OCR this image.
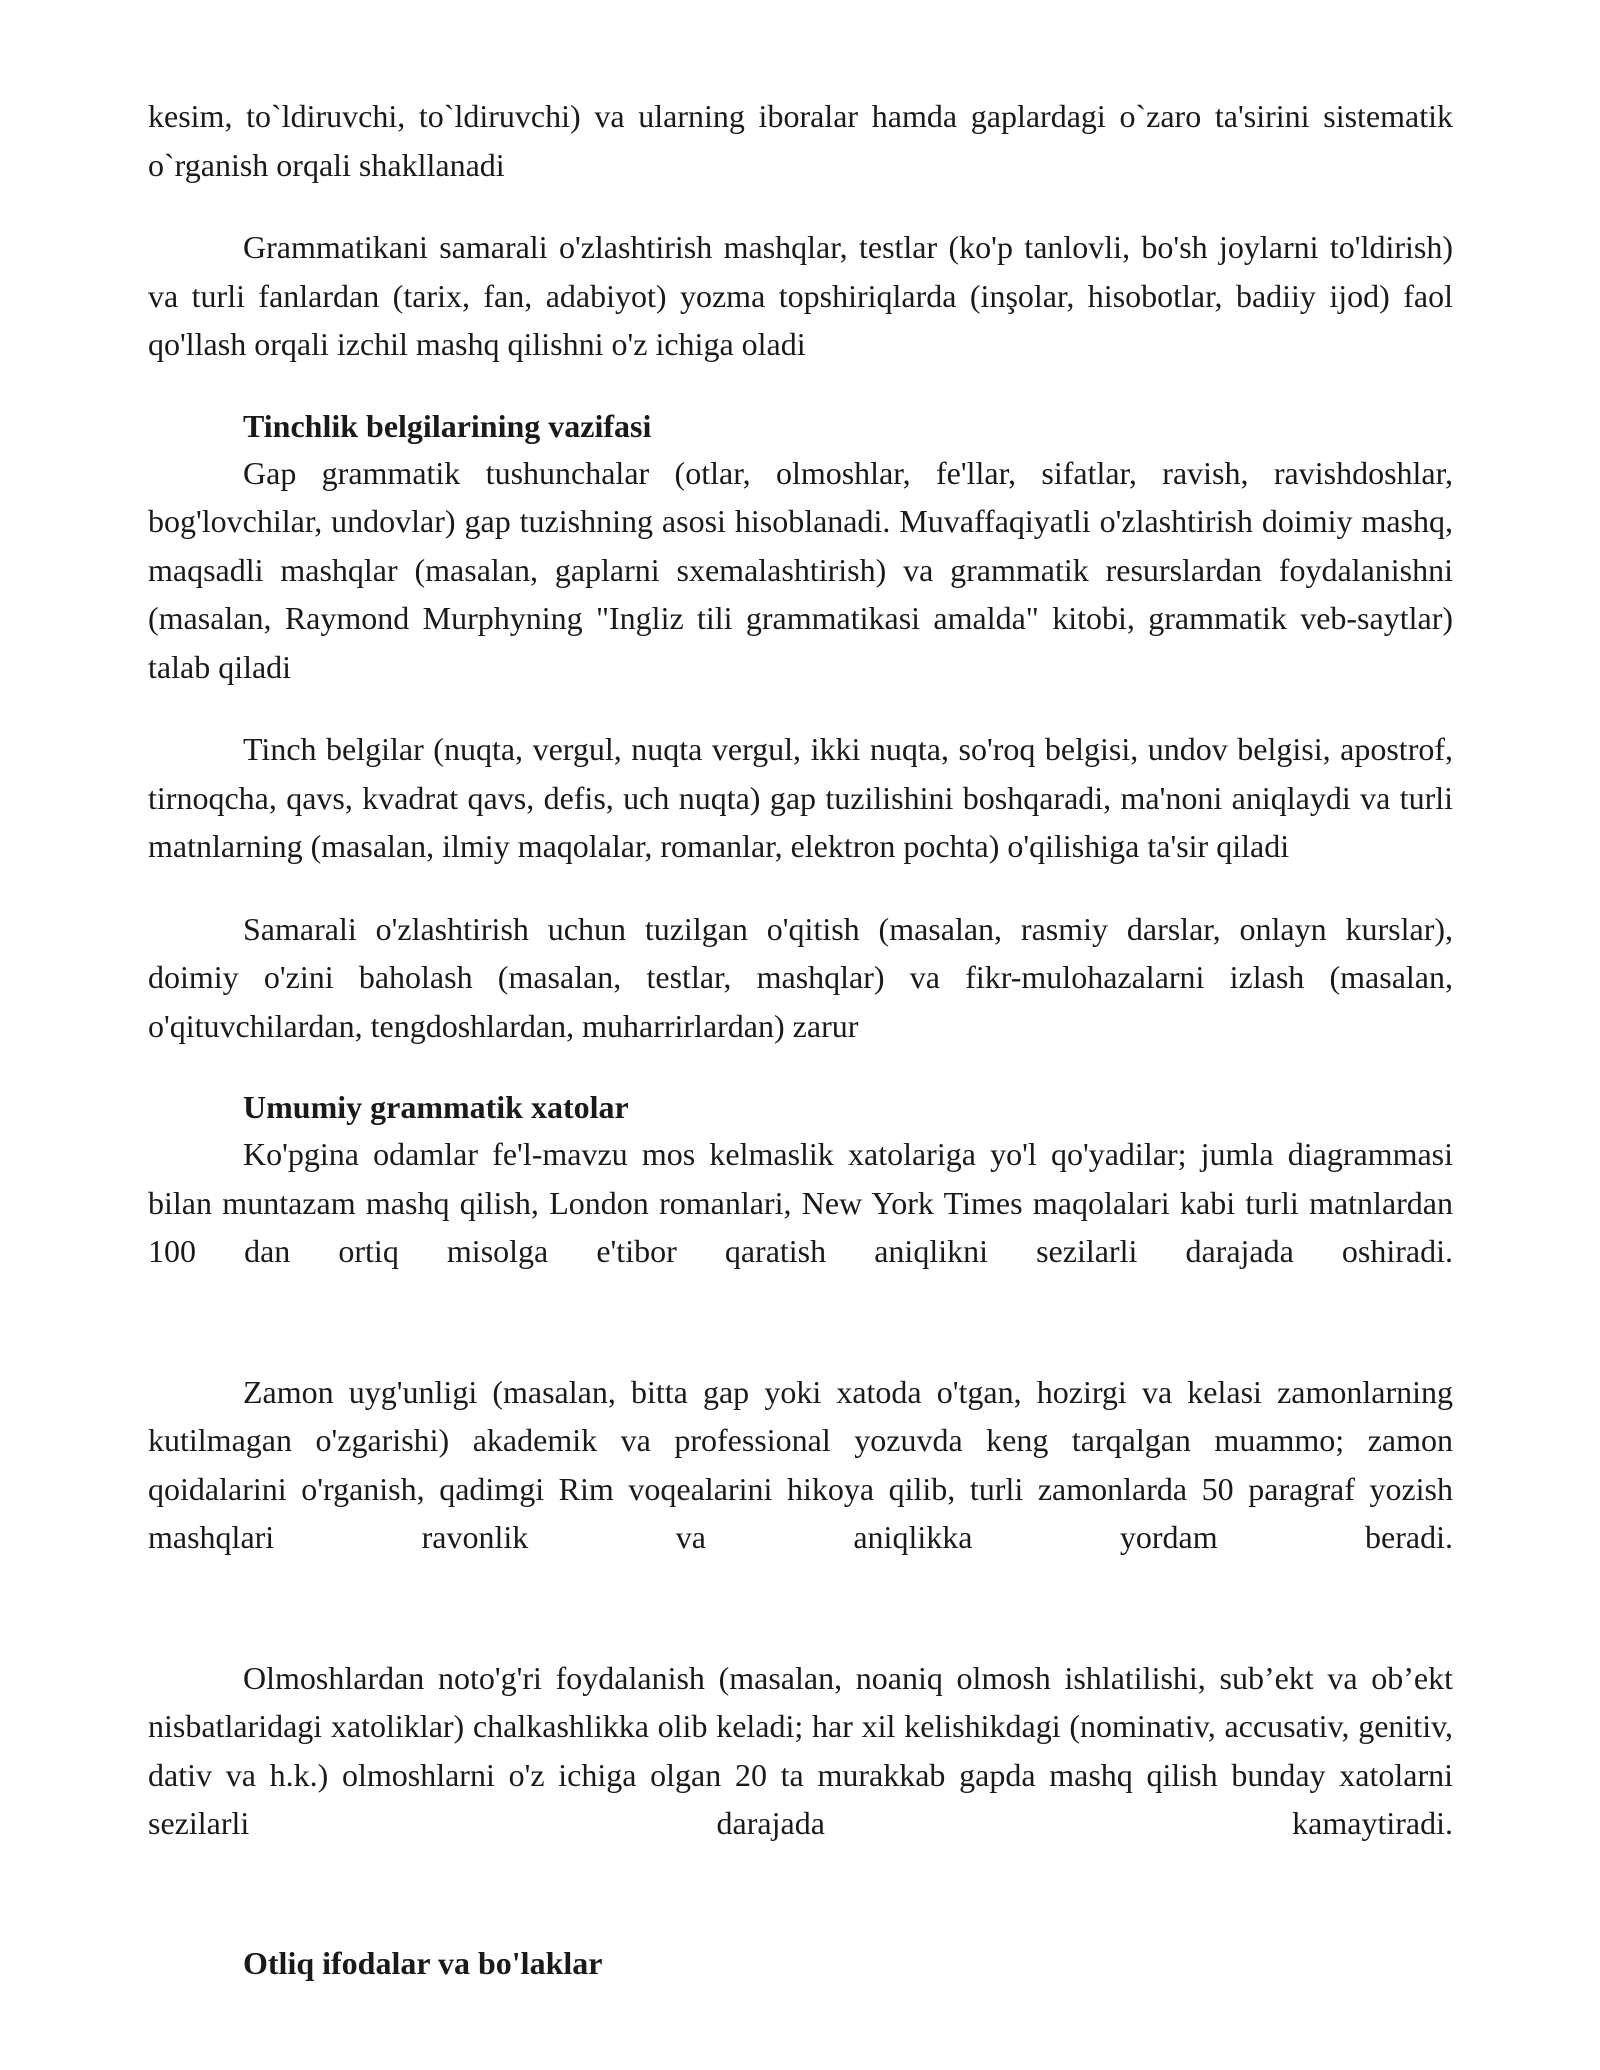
kesim, to`ldiruvchi, to`ldiruvchi) va ularning iboralar hamda gaplardagi o`zaro ta'sirini sistematik o`rganish orqali shakllanadi

Grammatikani samarali o'zlashtirish mashqlar, testlar (ko'p tanlovli, bo'sh joylarni to'ldirish) va turli fanlardan (tarix, fan, adabiyot) yozma topshiriqlarda (inşolar, hisobotlar, badiiy ijod) faol qo'llash orqali izchil mashq qilishni o'z ichiga oladi

Tinchlik belgilarining vazifasi

Gap grammatik tushunchalar (otlar, olmoshlar, fe'llar, sifatlar, ravish, ravishdoshlar, bog'lovchilar, undovlar) gap tuzishning asosi hisoblanadi. Muvaffaqiyatli o'zlashtirish doimiy mashq, maqsadli mashqlar (masalan, gaplarni sxemalashtirish) va grammatik resurslardan foydalanishni (masalan, Raymond Murphyning "Ingliz tili grammatikasi amalda" kitobi, grammatik veb-saytlar) talab qiladi

Tinch belgilar (nuqta, vergul, nuqta vergul, ikki nuqta, so'roq belgisi, undov belgisi, apostrof, tirnoqcha, qavs, kvadrat qavs, defis, uch nuqta) gap tuzilishini boshqaradi, ma'noni aniqlaydi va turli matnlarning (masalan, ilmiy maqolalar, romanlar, elektron pochta) o'qilishiga ta'sir qiladi

Samarali o'zlashtirish uchun tuzilgan o'qitish (masalan, rasmiy darslar, onlayn kurslar), doimiy o'zini baholash (masalan, testlar, mashqlar) va fikr-mulohazalarni izlash (masalan, o'qituvchilardan, tengdoshlardan, muharrirlardan) zarur

Umumiy grammatik xatolar

Ko'pgina odamlar fe'l-mavzu mos kelmaslik xatolariga yo'l qo'yadilar; jumla diagrammasi bilan muntazam mashq qilish, London romanlari, New York Times maqolalari kabi turli matnlardan 100 dan ortiq misolga e'tibor qaratish aniqlikni sezilarli darajada oshiradi.

Zamon uyg'unligi (masalan, bitta gap yoki xatoda o'tgan, hozirgi va kelasi zamonlarning kutilmagan o'zgarishi) akademik va professional yozuvda keng tarqalgan muammo; zamon qoidalarini o'rganish, qadimgi Rim voqealarini hikoya qilib, turli zamonlarda 50 paragraf yozish mashqlari ravonlik va aniqlikka yordam beradi.

Olmoshlardan noto'g'ri foydalanish (masalan, noaniq olmosh ishlatilishi, sub’ekt va ob’ekt nisbatlaridagi xatoliklar) chalkashlikka olib keladi; har xil kelishikdagi (nominativ, accusativ, genitiv, dativ va h.k.) olmoshlarni o'z ichiga olgan 20 ta murakkab gapda mashq qilish bunday xatolarni sezilarli darajada kamaytiradi.

Otliq ifodalar va bo'laklar
